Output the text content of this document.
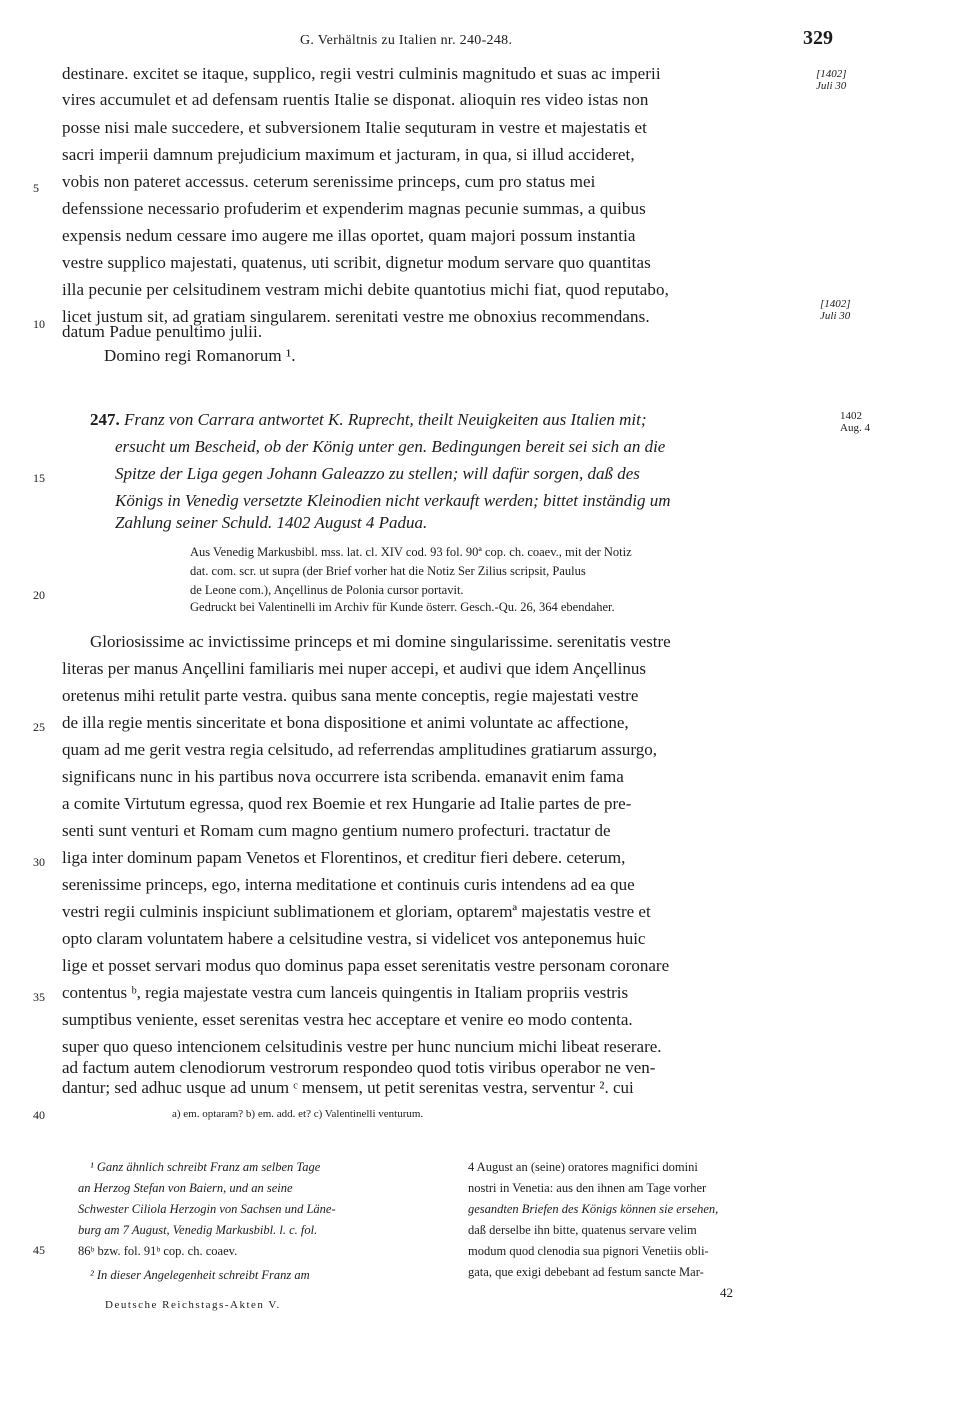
G. Verhältnis zu Italien nr. 240-248.	329
destinare. excitet se itaque, supplico, regii vestri culminis magnitudo et suas ac imperii
vires accumulet et ad defensam ruentis Italie se disponat. alioquin res video istas non
posse nisi male succedere, et subversionem Italie sequturam in vestre et majestatis et
sacri imperii damnum prejudicium maximum et jacturam, in qua, si illud accideret,
vobis non pateret accessus. ceterum serenissime princeps, cum pro status mei
defenssione necessario profuderim et expenderim magnas pecunie summas, a quibus
expensis nedum cessare imo augere me illas oportet, quam majori possum instantia
vestre supplico majestati, quatenus, uti scribit, dignetur modum servare quo quantitas
illa pecunie per celsitudinem vestram michi debite quantotius michi fiat, quod reputabo,
licet justum sit, ad gratiam singularem. serenitati vestre me obnoxius recommendans.
datum Padue penultimo julii.
Domino regi Romanorum ¹.
[1402]
Juli 30
[1402]
Juli 30
247. Franz von Carrara antwortet K. Ruprecht, theilt Neuigkeiten aus Italien mit;
ersucht um Bescheid, ob der König unter gen. Bedingungen bereit sei sich an die
Spitze der Liga gegen Johann Galeazzo zu stellen; will dafür sorgen, daß des
Königs in Venedig versetzte Kleinodien nicht verkauft werden; bittet inständig um
Zahlung seiner Schuld. 1402 August 4 Padua.
1402
Aug. 4
Aus Venedig Markusbibl. mss. lat. cl. XIV cod. 93 fol. 90ª cop. ch. coaev., mit der Notiz
dat. com. scr. ut supra (der Brief vorher hat die Notiz Ser Zilius scripsit, Paulus
de Leone com.), Ançellinus de Polonia cursor portavit.
Gedruckt bei Valentinelli im Archiv für Kunde österr. Gesch.-Qu. 26, 364 ebendaher.
Gloriosissime ac invictissime princeps et mi domine singularissime. serenitatis vestre
literas per manus Ançellini familiaris mei nuper accepi, et audivi que idem Ançellinus
oretenus mihi retulit parte vestra. quibus sana mente conceptis, regie majestati vestre
de illa regie mentis sinceritate et bona dispositione et animi voluntate ac affectione,
quam ad me gerit vestra regia celsitudo, ad referrendas amplitudines gratiarum assurgo,
significans nunc in his partibus nova occurrere ista scribenda. emanavit enim fama
a comite Virtutum egressa, quod rex Boemie et rex Hungarie ad Italie partes de pre-
senti sunt venturi et Romam cum magno gentium numero profecturi. tractatur de
liga inter dominum papam Venetos et Florentinos, et creditur fieri debere. ceterum,
serenissime princeps, ego, interna meditatione et continuis curis intendens ad ea que
vestri regii culminis inspiciunt sublimationem et gloriam, optaremª majestatis vestre et
opto claram voluntatem habere a celsitudine vestra, si videlicet vos anteponemus huic
lige et posset servari modus quo dominus papa esset serenitatis vestre personam coronare
contentus ᵇ, regia majestate vestra cum lanceis quingentis in Italiam propriis vestris
sumptibus veniente, esset serenitas vestra hec acceptare et venire eo modo contenta.
super quo queso intencionem celsitudinis vestre per hunc nuncium michi libeat reserare.
ad factum autem clenodiorum vestrorum respondeo quod totis viribus operabor ne ven-
dantur; sed adhuc usque ad unum ᶜ mensem, ut petit serenitas vestra, serventur ². cui
5
10
15
20
25
30
35
40
45
a) em. optaram? b) em. add. et? c) Valentinelli venturum.
¹ Ganz ähnlich schreibt Franz am selben Tage
an Herzog Stefan von Baiern, und an seine
Schwester Ciliola Herzogin von Sachsen und Läne-
burg am 7 August, Venedig Markusbibl. l. c. fol.
86ᵇ bzw. fol. 91ᵇ cop. ch. coaev.
² In dieser Angelegenheit schreibt Franz am
4 August an (seine) oratores magnifici domini
nostri in Venetia: aus den ihnen am Tage vorher
gesandten Briefen des Königs können sie ersehen,
daß derselbe ihn bitte, quatenus servare velim
modum quod clenodia sua pignori Venetiis obli-
gata, que exigi debebant ad festum sancte Mar-
Deutsche Reichstags-Akten V.
42
